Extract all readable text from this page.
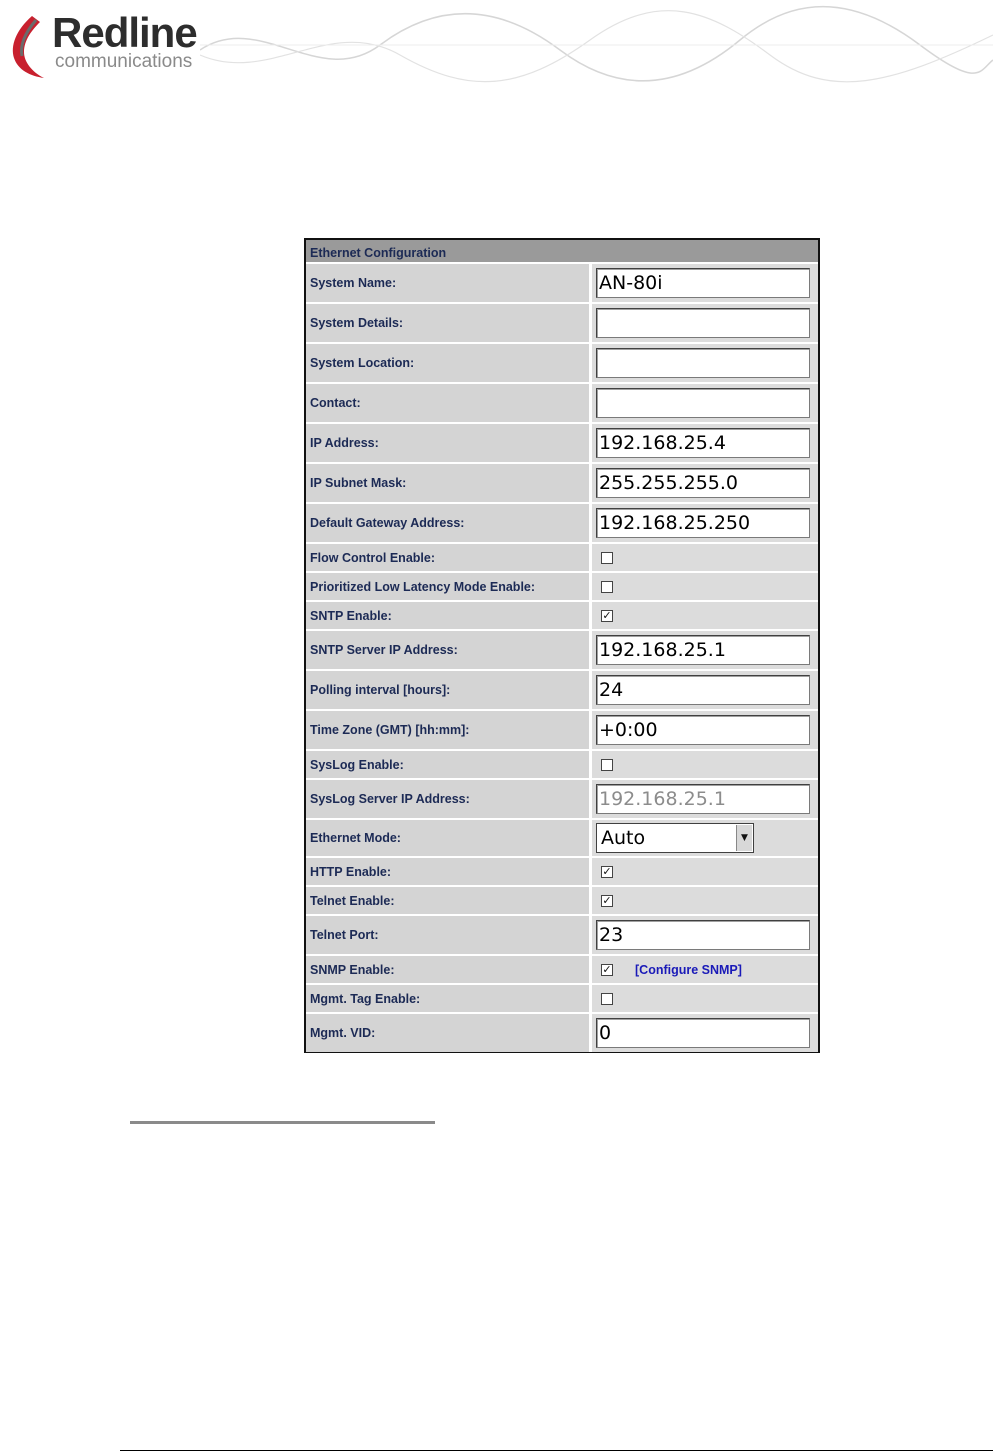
Redline
communications
Ethernet Configuration
System Name:	AN-80i
System Details:
System Location:
Contact:
IP Address:	192.168.25.4
IP Subnet Mask:	255.255.255.0
Default Gateway Address:	192.168.25.250
Flow Control Enable:
Prioritized Low Latency Mode Enable:
SNTP Enable:	✓
SNTP Server IP Address:	192.168.25.1
Polling interval [hours]:	24
Time Zone (GMT) [hh:mm]:	+0:00
SysLog Enable:
SysLog Server IP Address:	192.168.25.1
Ethernet Mode:	Auto	▼
HTTP Enable:	✓
Telnet Enable:	✓
Telnet Port:	23
SNMP Enable:	✓ [Configure SNMP]
Mgmt. Tag Enable:
Mgmt. VID:	0
